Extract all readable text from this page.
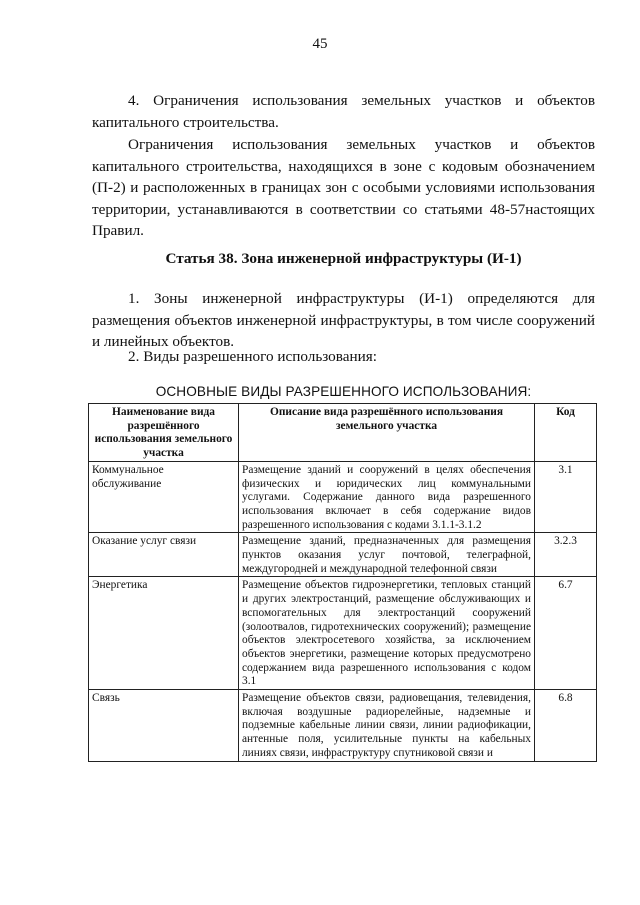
45

4. Ограничения использования земельных участков и объектов капитального строительства.

Ограничения использования земельных участков и объектов капитального строительства, находящихся в зоне с кодовым обозначением (П-2) и расположенных в границах зон с особыми условиями использования территории, устанавливаются в соответствии со статьями 48-57настоящих Правил.

Статья 38. Зона инженерной инфраструктуры (И-1)

1. Зоны инженерной инфраструктуры (И-1) определяются для размещения объектов инженерной инфраструктуры, в том числе сооружений и линейных объектов.

2. Виды разрешенного использования:

ОСНОВНЫЕ ВИДЫ РАЗРЕШЕННОГО ИСПОЛЬЗОВАНИЯ:
Наименование вида разрешённого использования земельного участка	Описание вида разрешённого использования земельного участка	Код
Коммунальное обслуживание	Размещение зданий и сооружений в целях обеспечения физических и юридических лиц коммунальными услугами. Содержание данного вида разрешенного использования включает в себя содержание видов разрешенного использования с кодами 3.1.1-3.1.2	3.1
Оказание услуг связи	Размещение зданий, предназначенных для размещения пунктов оказания услуг почтовой, телеграфной, междугородней и международной телефонной связи	3.2.3
Энергетика	Размещение объектов гидроэнергетики, тепловых станций и других электростанций, размещение обслуживающих и вспомогательных для электростанций сооружений (золоотвалов, гидротехнических сооружений); размещение объектов электросетевого хозяйства, за исключением объектов энергетики, размещение которых предусмотрено содержанием вида разрешенного использования с кодом 3.1	6.7
Связь	Размещение объектов связи, радиовещания, телевидения, включая воздушные радиорелейные, надземные и подземные кабельные линии связи, линии радиофикации, антенные поля, усилительные пункты на кабельных линиях связи, инфраструктуру спутниковой связи и	6.8
